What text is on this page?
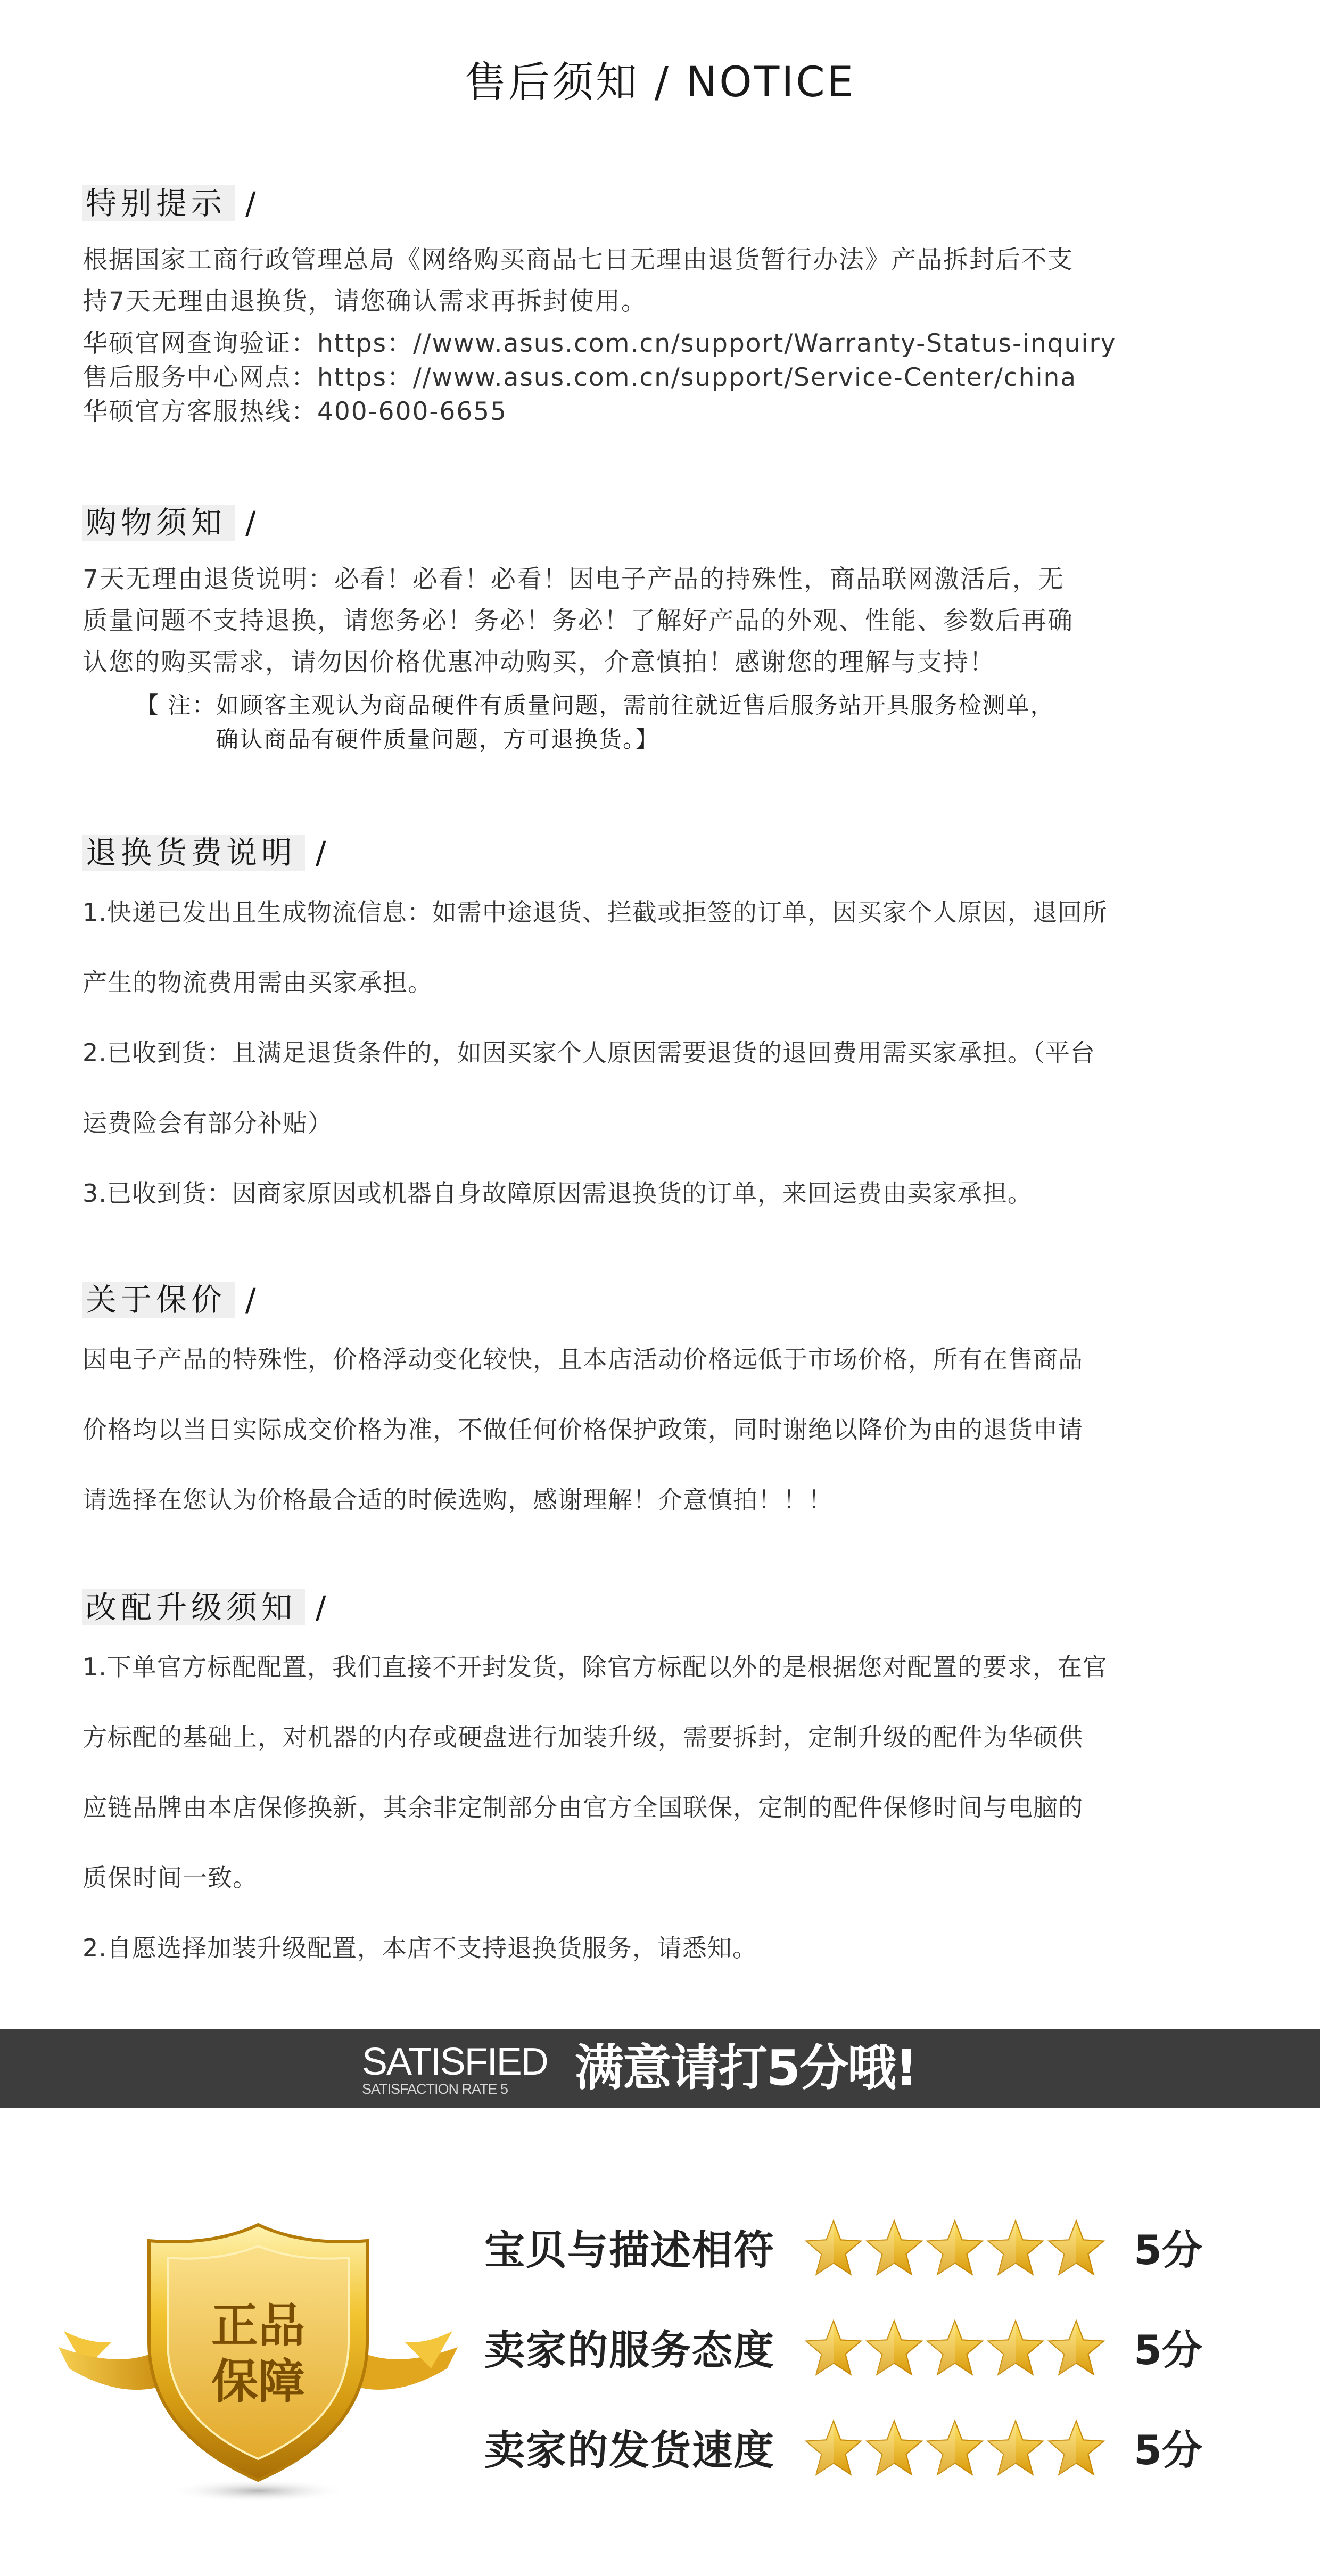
售后须知 / NOTICE
特别提示 /

根据国家工商行政管理总局《网络购买商品七日无理由退货暂行办法》产品拆封后不支

持7天无理由退换货，请您确认需求再拆封使用。

华硕官网查询验证：https：//www.asus.com.cn/support/Warranty-Status-inquiry

售后服务中心网点：https：//www.asus.com.cn/support/Service-Center/china

华硕官方客服热线：400-600-6655

购物须知 /

7天无理由退货说明：必看！必看！必看！因电子产品的持殊性，商品联网激活后，无

质量问题不支持退换，请您务必！务必！务必！了解好产品的外观、性能、参数后再确

认您的购买需求，请勿因价格优惠冲动购买，介意慎拍！感谢您的理解与支持！

【 注：如顾客主观认为商品硬件有质量问题，需前往就近售后服务站开具服务检测单，
确认商品有硬件质量问题，方可退换货。】
退换货费说明 /

1.快递已发出且生成物流信息：如需中途退货、拦截或拒签的订单，因买家个人原因，退回所

产生的物流费用需由买家承担。

2.已收到货：且满足退货条件的，如因买家个人原因需要退货的退回费用需买家承担。（平台

运费险会有部分补贴）

3.已收到货：因商家原因或机器自身故障原因需退换货的订单，来回运费由卖家承担。

关于保价 /

因电子产品的特殊性，价格浮动变化较快，且本店活动价格远低于市场价格，所有在售商品

价格均以当日实际成交价格为准，不做任何价格保护政策，同时谢绝以降价为由的退货申请

请选择在您认为价格最合适的时候选购，感谢理解！介意慎拍！！！

改配升级须知 /

1.下单官方标配配置，我们直接不开封发货，除官方标配以外的是根据您对配置的要求，在官

方标配的基础上，对机器的内存或硬盘进行加装升级，需要拆封，定制升级的配件为华硕供

应链品牌由本店保修换新，其余非定制部分由官方全国联保，定制的配件保修时间与电脑的

质保时间一致。

2.自愿选择加装升级配置，本店不支持退换货服务，请悉知。

SATISFIED
SATISFACTION RATE 5	满意请打5分哦!
正品
保障
宝贝与描述相符	5分
卖家的服务态度	5分
卖家的发货速度	5分
